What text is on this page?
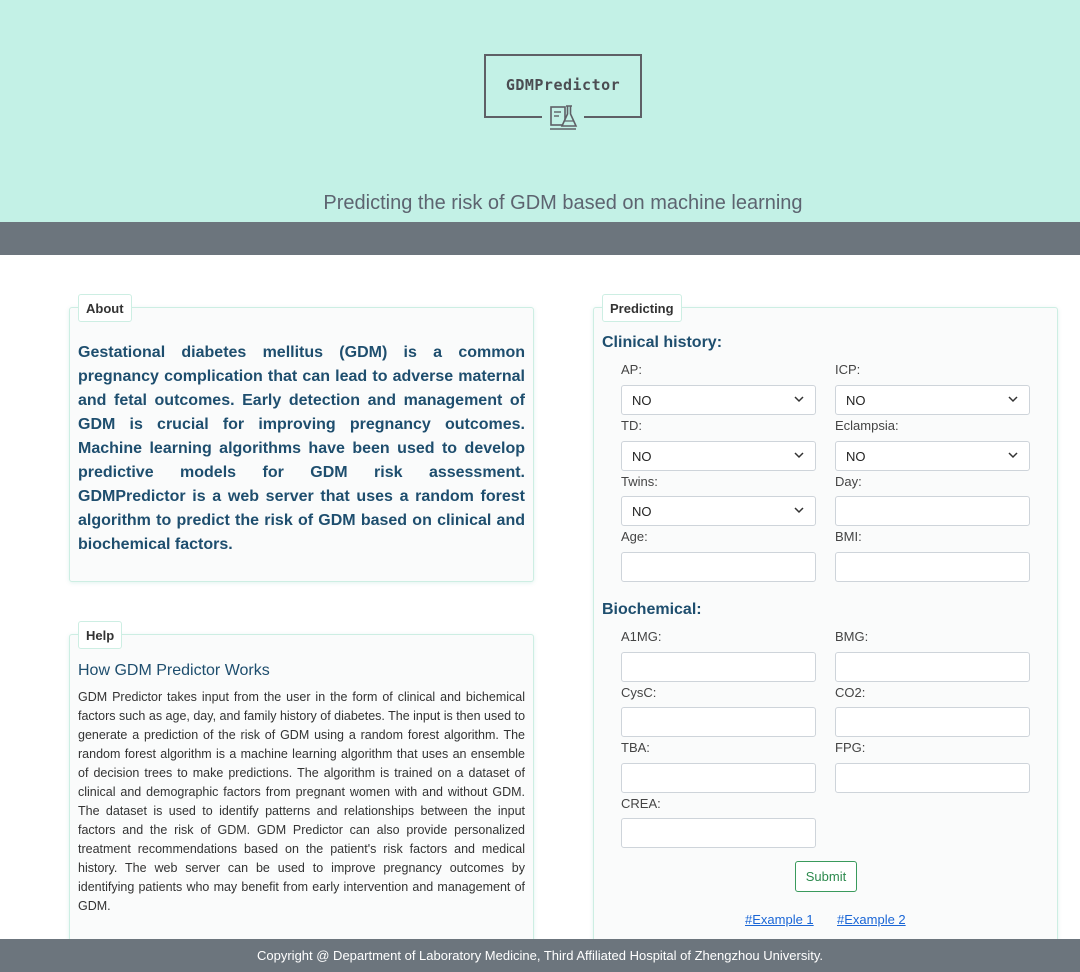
GDMPredictor
Predicting the risk of GDM based on machine learning
Gestational diabetes mellitus (GDM) is a common pregnancy complication that can lead to adverse maternal and fetal outcomes. Early detection and management of GDM is crucial for improving pregnancy outcomes. Machine learning algorithms have been used to develop predictive models for GDM risk assessment. GDMPredictor is a web server that uses a random forest algorithm to predict the risk of GDM based on clinical and biochemical factors.
About
How GDM Predictor Works
GDM Predictor takes input from the user in the form of clinical and bichemical factors such as age, day, and family history of diabetes. The input is then used to generate a prediction of the risk of GDM using a random forest algorithm. The random forest algorithm is a machine learning algorithm that uses an ensemble of decision trees to make predictions. The algorithm is trained on a dataset of clinical and demographic factors from pregnant women with and without GDM. The dataset is used to identify patterns and relationships between the input factors and the risk of GDM. GDM Predictor can also provide personalized treatment recommendations based on the patient's risk factors and medical history. The web server can be used to improve pregnancy outcomes by identifying patients who may benefit from early intervention and management of GDM.
Help
Predicting
Clinical history:
AP:	ICP:
NO	NO
TD:	Eclampsia:
NO	NO
Twins:	Day:
NO
Age:	BMI:
Biochemical:
A1MG:	BMG:
CysC:	CO2:
TBA:	FPG:
CREA:
Submit
#Example 1 #Example 2
Copyright @ Department of Laboratory Medicine, Third Affiliated Hospital of Zhengzhou University.
